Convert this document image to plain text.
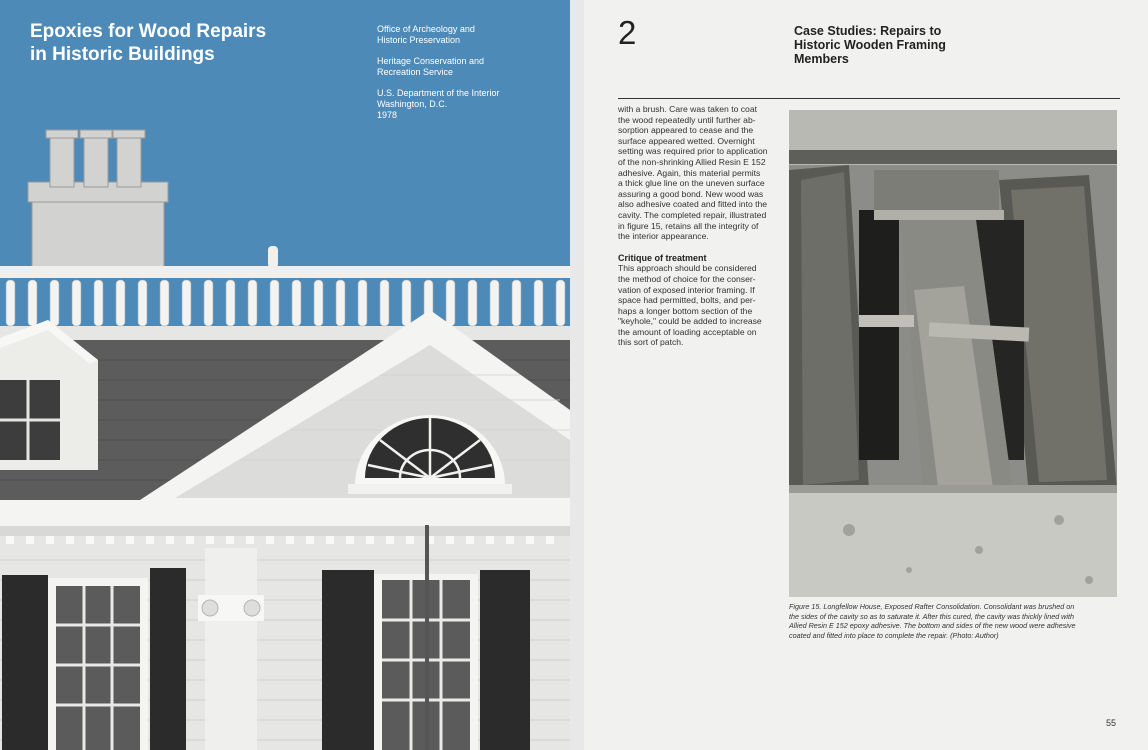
Epoxies for Wood Repairs
in Historic Buildings
Office of Archeology and
Historic Preservation
Heritage Conservation and
Recreation Service
U.S. Department of the Interior
Washington, D.C.
1978
2	Case Studies: Repairs to
Historic Wooden Framing
Members
with a brush. Care was taken to coat
the wood repeatedly until further ab-
sorption appeared to cease and the
surface appeared wetted. Overnight
setting was required prior to application
of the non-shrinking Allied Resin E 152
adhesive. Again, this material permits
a thick glue line on the uneven surface
assuring a good bond. New wood was
also adhesive coated and fitted into the
cavity. The completed repair, illustrated
in figure 15, retains all the integrity of
the interior appearance.
Critique of treatment
This approach should be considered
the method of choice for the conser-
vation of exposed interior framing. If
space had permitted, bolts, and per-
haps a longer bottom section of the
"keyhole," could be added to increase
the amount of loading acceptable on
this sort of patch.
Figure 15. Longfellow House, Exposed Rafter Consolidation. Consolidant was brushed on
the sides of the cavity so as to saturate it. After this cured, the cavity was thickly lined with
Allied Resin E 152 epoxy adhesive. The bottom and sides of the new wood were adhesive
coated and fitted into place to complete the repair. (Photo: Author)
55
